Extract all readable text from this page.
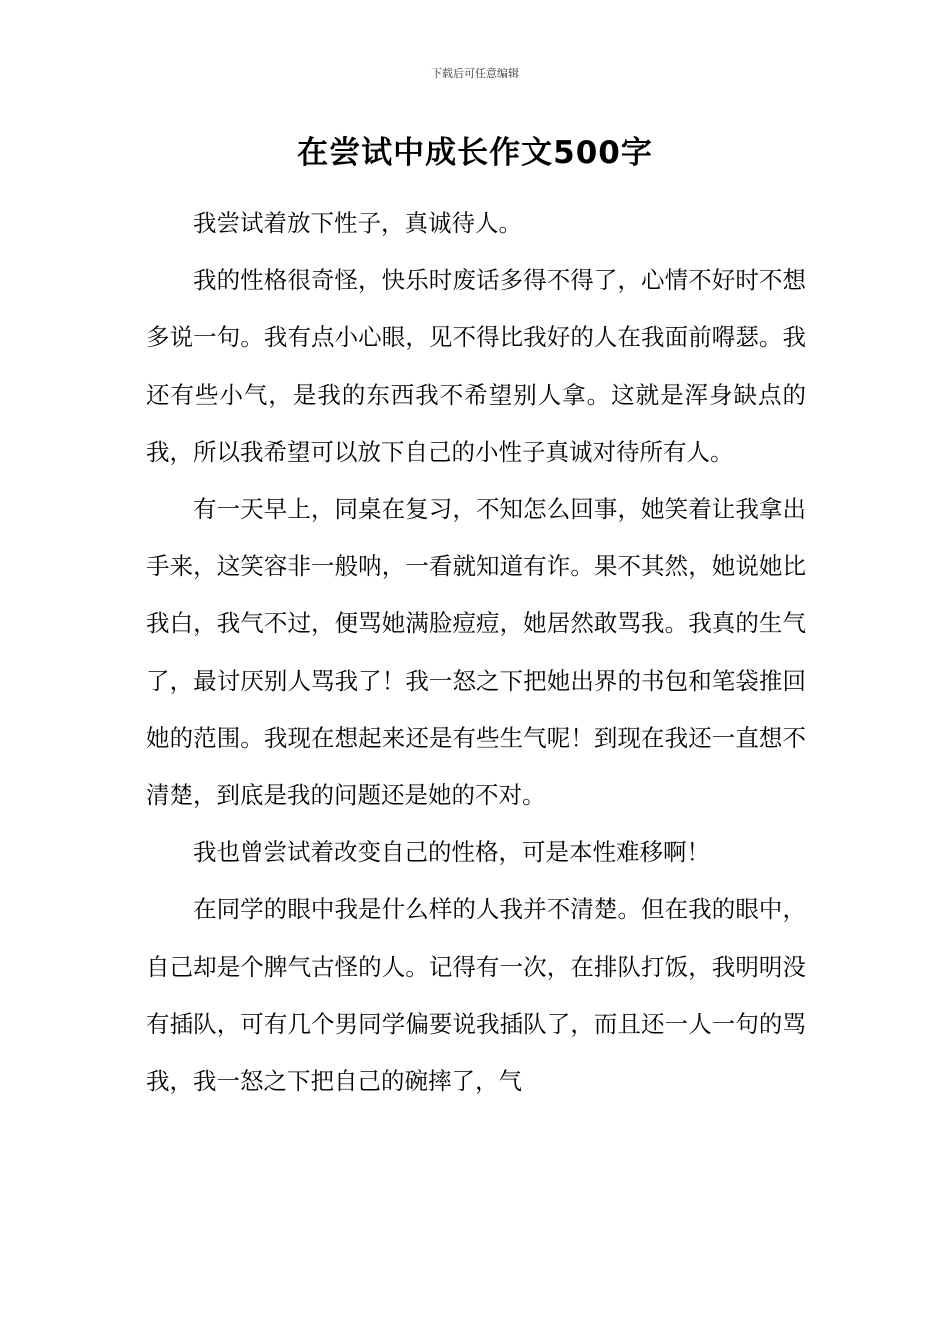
下载后可任意编辑
在尝试中成长作文500字

我尝试着放下性子，真诚待人。

我的性格很奇怪，快乐时废话多得不得了，心情不好时不想多说一句。我有点小心眼，见不得比我好的人在我面前嘚瑟。我还有些小气，是我的东西我不希望别人拿。这就是浑身缺点的我，所以我希望可以放下自己的小性子真诚对待所有人。

有一天早上，同桌在复习，不知怎么回事，她笑着让我拿出手来，这笑容非一般呐，一看就知道有诈。果不其然，她说她比我白，我气不过，便骂她满脸痘痘，她居然敢骂我。我真的生气了，最讨厌别人骂我了！我一怒之下把她出界的书包和笔袋推回她的范围。我现在想起来还是有些生气呢！到现在我还一直想不清楚，到底是我的问题还是她的不对。

我也曾尝试着改变自己的性格，可是本性难移啊！

在同学的眼中我是什么样的人我并不清楚。但在我的眼中，自己却是个脾气古怪的人。记得有一次，在排队打饭，我明明没有插队，可有几个男同学偏要说我插队了，而且还一人一句的骂我，我一怒之下把自己的碗摔了，气
